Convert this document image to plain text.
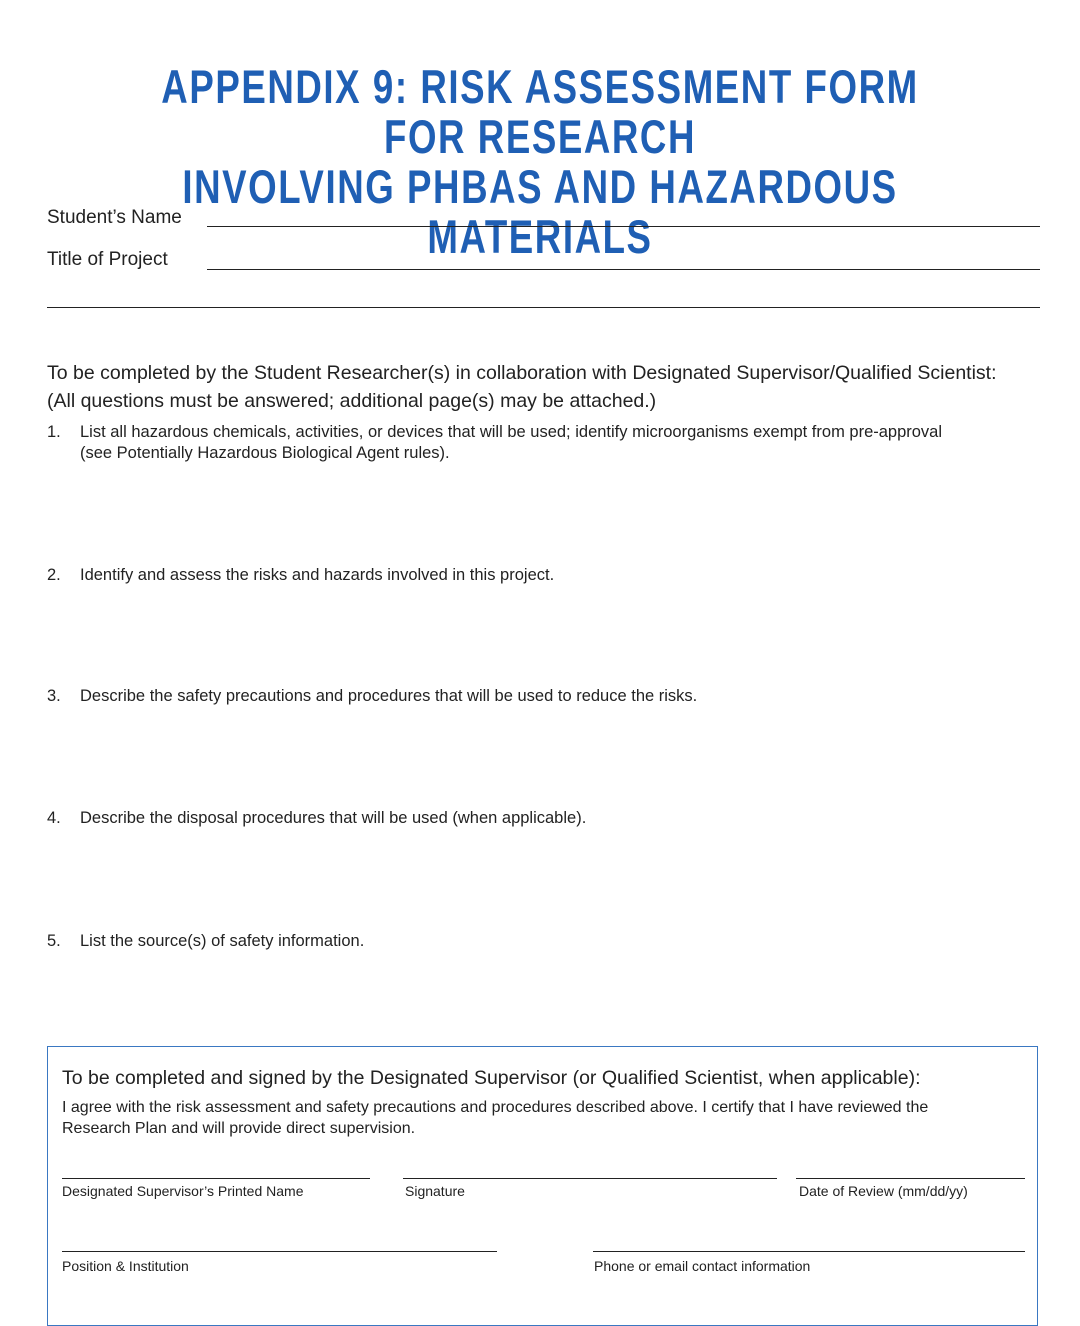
APPENDIX 9: RISK ASSESSMENT FORM FOR RESEARCH
INVOLVING PHBAS AND HAZARDOUS MATERIALS
Student’s Name
Title of Project
To be completed by the Student Researcher(s) in collaboration with Designated Supervisor/Qualified Scientist:
(All questions must be answered; additional page(s) may be attached.)
1. List all hazardous chemicals, activities, or devices that will be used; identify microorganisms exempt from pre-approval
(see Potentially Hazardous Biological Agent rules).
2. Identify and assess the risks and hazards involved in this project.
3. Describe the safety precautions and procedures that will be used to reduce the risks.
4. Describe the disposal procedures that will be used (when applicable).
5. List the source(s) of safety information.
To be completed and signed by the Designated Supervisor (or Qualified Scientist, when applicable):
I agree with the risk assessment and safety precautions and procedures described above. I certify that I have reviewed the
Research Plan and will provide direct supervision.
Designated Supervisor’s Printed Name	Signature	Date of Review (mm/dd/yy)
Position & Institution	Phone or email contact information
